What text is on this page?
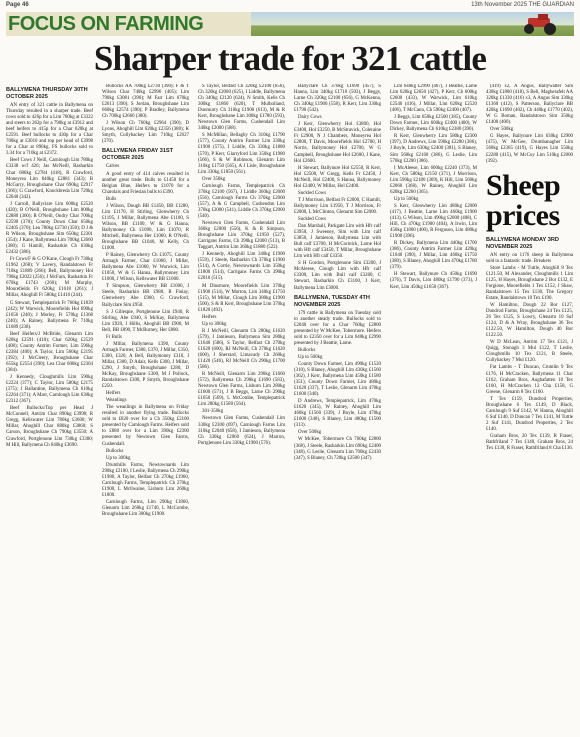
Page 46	13th November 2025 THE GUARDIAN
FOCUS ON FARMING
Sharper trade for 321 cattle
BALLYMENA THURSDAY 30TH OCTOBER 2025

AN entry of 321 cattle in Ballymena on Thursday resulted in a sharper trade. Beef cows sold to 426p for a Lim 780kg at £3322 and steers to 262p for a 790kg at £3912 and beef heifers to 415p for a Char 620kg at £2591. Beef bullocks to 430p for a Char 700kg at £3010 and top per head of £3998 for a Char at 890kg. FS bullocks sold to 3.34 for a 710kg at £2372.

Beef Cows J Neill, Carnlough Lim 780kg £3338 w/f 426; Jas McNeill, Rasharkin Char 688kg £2784 (418), R Crawford, Moneyrea Lim 840kg £2881 (343); B McGarry, Broughshane Char 690kg £2917 (366); G Crawford, Knockbreda Lim 720kg £2640 (342).

J Carroll, Ballyclare Lim 600kg £2520 (420); B O'Neill, Broughshane Lim 800kg £2880 (360); R O'Neill, Ondry Char 700kg £2590 (370); County Down Char 650kg £2405 (370); Lea 780kg £2730 (350); D J & R Wilson, Broughshane Sim 650kg £2301 (354); J Kane, Ballymena Lim 700kg £2660 (380); G Hamill, Rasharkin Ch 630kg £2432 (386).

Fr Cows/F & G O'Kane, Clough Fr 730kg £1962 (268); V Lavery, Randalstown Fr 710kg £1889 (266); Bell, Ballymoney Hol 790kg £2022 (256); J McFarn, Rasharkin Fr 670kg £1743 (260); M Murphy, Moorefields Fr 620kg £1618 (261); J Millar, Ahoghill Fr 580kg £1416 (244).

G Stewart, Templepatrick Fr 760kg £1839 (242); W Warwick, Moorefields Hol 690kg £1656 (240); J Morley, Fr 570kg £1368 (240); A Rainey, Ballymena Fr 710kg £1689 (238).

Beef Heifers/J McBride, Glenarm Lim 620kg £2591 (418); Char 620kg £2529 (408); County Antrim Farmer, Lim 596kg £2384 (400); A Taylor, Lim 560kg £2195 (392); J McCleery, Broughshane Char 655kg £2554 (390); Lea Char 600kg £2304 (384).

J Kennedy, Cloughmills Lim 590kg £2224 (377); C Taylor, Lim 580kg £2175 (375); J Ballantine, Ballymena Ch 610kg £2264 (371); A Marr, Carnlough Lim 630kg £2312 (367).

Beef Bullocks/Top per Head J McConnell, Antrim Char 890kg £3998; R Gregg, Kellswater Lim 780kg £3600; W Millar, Ahoghill Char 880kg £3860; S Carson, Broughshane Ch 790kg £3550; A Crawford, Portglenone Lim 730kg £3380; M Hill, Ballymena Ch 840kg £3690.

Bullocks AA 700kg £2730 (390); F & T Wilson Char 740kg £2996 (405); Lim 790kg £3081 (390); M Farr Lim 670kg £2613 (390); S Jordan, Broughshane Lim 660kg £2574 (390); P Bradley, Ballymena Ch 700kg £2660 (380).

J Wilson Ch 760kg £2964 (390); D Lyons, Ahoghill Lim 620kg £2356 (380); K Smyth, Cullybackey Lim 710kg £2627 (370).

BALLYMENA FRIDAY 31ST OCTOBER 2025

Calves

A good entry of 414 calves resulted in another great trade. Bulls to £1450 for a Belgian Blue, Heifers to £1070 for a Charolais and Friesian bulls to £390.

Bulls

J Wilson, Dough BB £1450, BB £1280, Lim £1170, H Stirling, Glenwherry Ch £1195, J Millar, Ballymena Abe £1100, S Wilson, BB £1100, W & G Hanna, Ballymoney Ch £1090, Lim £1070, R Mitchell, Ballymena Her £1060, R O'Neill, Broughshane BB £1040, M Kelly, Ch £1000.

P Rainey, Glenwherry Ch £1075, County Armagh Farmer, Char £1060, J Millar, Ballymena Abe £1060, W Warwick, Lim £1050, W & G Hanna, Ballymoney Lim £1000, J Wilson, Kellswater BB £1000.

T Simpson, Glenwherry BB £1000, J Steele, Rasharkin BB £980, R Finlay, Glenwherry Abe £960, G Crawford, Ballyclare Sim £950.

S J Gillespie, Portglenone Lim £940, R Stirling, Abe £940, S McKay, Ballymena Lim £920, J Hillis, Ahoghill BB £900, M Bell, BB £890, T McBurney, Her £880.

Fr Bulls

J Millar, Ballymena £390, County Armagh Farmer, £380, £370, J Millar, £350, £300, £320, A Bell, Ballymoney £310, J Millar, £300, D Adair, Kells £300, J Millar, £290, J Smyth, Broughshane £280, D McKay, Broughshane £300, M J Pollock, Randalstown £300, P Smyth, Broughshane £250.

Heifers

Weanlings

The weanlings in Ballymena on Friday resulted in another flying trade. Bullocks sold to £820 over for a Ch 350kg £2100 presented by Carnlough Farms. Heifers sold to £880 over for a Lim 390kg £2300 presented by Newtown Glen Farms, Cushendall.

Bullocks

Up to 300kg

Drumhills Farms, Newtownards Lim 290kg £2100, I Leslie, Ballymena Ch 290kg £1980, A Taylor, Belfast Ch 270kg £1960, Carnlough Farms, Templepatrick Ch 270kg £1900, L Mcllwaine, Lisburn Lim 260kg £1800.

Carnlough Farms, Lim 290kg £1860, Glenarm Lim 260kg £1740, L McCombe, Broughshane Lim 300kg £1900.

S Taylor, Belfast Ch 320kg £2100 (656), Ch 320kg £2000 (625), I Liddle, Ballymena Ch 340kg £2120 (624), N Smith, Kells Ch 300kg £1860 (620), T Mulholland, Dunmurry Ch 310kg £1900 (613), M & R Kerr, Broughshane Lim 300kg £1780 (593), Newtown Glen Farms, Cushendall Lim 340kg £2000 (588).

S McMillan, Bellaghy Ch 310kg £1790 (577), County Antrim Farmer Lim 330kg £1900 (575), I Liddle, Ch 330kg £1880 (570), P Kerr, Glarryford Lim 350kg £1980 (566), S & W Robinson, Glenarm Lim 310kg £1750 (565), A J Lisle, Broughshane Lim 330kg £1850 (561).

Over 350kg

Carnlough Farms, Templepatrick Ch 370kg £2100 (567), J Liddle 360kg £2000 (556), Carnlough Farms Ch 370kg £2060 (557), A & G Campbell, Cushendun Lim 370kg £2000 (541), Liddle Ch 370kg £2000 (540).

Newtown Glen Farms, Cushendall Lim 360kg £2000 (556), K & R Simpson, Broughshane Lim 370kg £1950 (527), Carrigans Farms, Ch 390kg £2000 (513), B Taggart, Antrim Lim 360kg £1880 (522).

J Kennedy, Ahoghill Lim 340kg £1900 (559), J Steele, Rasharkin Ch 370kg £1900 (514), A Corrie, Newtownards Lim 350kg £1800 (514), Carrigans Farms Ch 390kg £2010 (515).

M Dinsmore, Moorefields Lim 370kg £1900 (514), W Morton, Lim 340kg £1750 (515), M Millar, Clough Lim 380kg £1900 (500), S & R Kerr, Broughshane Lim 370kg £1820 (492).

Heifers

Up to 300kg

R J McNeill, Glenarm Ch 280kg £1620 (579), I Jamieson, Ballymena Sim 280kg £1640 (586), S Taylor, Belfast Ch 270kg £1620 (600), RJ McNeill, Ch 270kg £1620 (600), J Sherrard, Limavady Ch 260kg £1420 (546), RJ McNeill Ch 290kg £1700 (586).

R McNeill, Glenarm Lim 290kg £1660 (572), Ballymena Ch 290kg £1690 (583), Newtown Glen Farms, Lisburn Lim 280kg £1600 (571), J B Beggs, Larne Ch 290kg £1650 (569), L McCombe, Templepatrick Lim 280kg £1580 (564).

301-350kg

Newtown Glen Farms, Cushendall Lim 330kg £2300 (697), Carnlough Farms Lim 310kg £2040 (658), I Jamieson, Ballymena Ch 330kg £2060 (624), J Marron, Portglenone Lim 330kg £1900 (576).

Ballyclare Ch 370kg £1690 (457), S Hanna, Lim 340kg £1710 (503), J Beggs, Larne Ch 320kg £2100 (656), G McKenna, Ch 340kg £1900 (558), R Kerr, Lim 330kg £1790 (542).

Dairy Cows

J Kerr, Glenwherry Hol £3800, Hol £3400, Hol £3250, B McStravick, Coleraine Fr £2900, N J Chambers, Moneyrea Hol £2800, T Davis, Moorefields Hol £2700, H Norris, Ballymoney Hol £2700, W G Campbell, Broughshane Hol £2600, J Kane, Hol £2600.

H Stewart, Ballynure Hol £2550, R Kerr, Hol £2500, W Gregg, Kells Fr £2450, J McNeill, Hol £2400, S Hanna, Ballymoney Hol £2400, W Millar, Hol £2400.

Suckled Cows

T J Morrison, Belfast Fr £2000, C Hamill, Ballymoney Lim £1950, T J Morrison, Fr £2000, L McClinton, Glenarm Sim £2000.

Suckled Cows

Dan Marshall, Parkgate Lim with Hfr calf £3950, J Sweeney, Sim with Lim calf £3850, J Jamieson, Ballymena Lim with Bull calf £3700, H McCormick, Larne Hol with Hfr calf £3450, T Millar, Broughshane Lim with Hfr calf £3350.

S H Gordon, Portglenone Sim £3200, J McAleese, Clough Lim with Hfr calf £3300, Lim with Bull calf £3200, C Stewart, Rasharkin Ch £3100, J Kerr, Ballymena Lim £3000.

BALLYMENA, TUESDAY 4TH NOVEMBER 2025

179 cattle in Ballymena on Tuesday sold to another steady trade. Bullocks sold to £2040 over for a Char 760kg £2800 presented by W McKee, Tobermore. Heifers sold to £2350 over for a Lim 640kg £2990 presented by J Beattie, Larne.

Bullocks

Up to 500kg

County Down Farmer, Lim 490kg £1520 (310), S Blaney, Ahoghill Lim 430kg £1560 (362), J Kerr, Ballymena Lim 450kg £1580 (351), County Down Farmer, Lim 480kg £1620 (337), T Leslie, Glenarm Lim 470kg £1600 (340).

D Andrews, Templepatrick, Lim 470kg £1620 (345), W Rainey, Ahoghill Lim 460kg £1560 (339), J Boyle, Lim 470kg £1600 (340), S Blaney, Lim 480kg £1500 (313).

Over 500kg

W McKee, Tobermore Ch 760kg £2800 (368), J Steele, Rasharkin Lim 690kg £2400 (348), G Leslie, Glenarm Lim 700kg £2430 (347), S Blaney, Ch 720kg £2500 (347).

Lim 640kg £2990 (467), J Beattie, Larne Lim 620kg £2650 (427), P Kerr, Ch 600kg £2600 (433), W Warwick, Lim 610kg £2540 (416), J Millar, Lim 620kg £2520 (406), T McCann, Ch 590kg £2400 (407).

J Beggs, Lim 650kg £2500 (385), County Down Farmer, Lim 600kg £2400 (400), W Dickey, Ballymena Ch 610kg £2380 (390).

R Kerr, Glenwherry Lim 580kg £2300 (397), D Andrews, Lim 590kg £2280 (386), J Boyle, Lim 630kg £2400 (381), S Blaney, Sim 560kg £2160 (386), G Leslie, Lim 570kg £2200 (386).

I McAleese, Lim 600kg £2240 (373), M Kerr, Ch 580kg £2150 (371), J Morrison, Lim 590kg £2180 (369), K Hill, Lim 560kg £2060 (368), W Rainey, Ahoghill Lim 620kg £2260 (365).

Up to 500kg

S Kerr, Glenwherry Lim 480kg £2000 (417), J Beattie, Larne Lim 460kg £1900 (413), G Wilson, Lim 490kg £2000 (408), C Hill, Ch 470kg £1900 (404), A Irwin, Lim 450kg £1800 (400), R Ferguson, Lim 480kg £1900 (396).

R Dickey, Ballymena Lim 440kg £1700 (386), County Antrim Farmer Lim 420kg £1640 (390), J Millar, Lim 460kg £1750 (380), S Blaney, Ahoghill Lim 470kg £1780 (379).

H Stewart, Ballynure Ch 450kg £1690 (376), T Davis, Lim 480kg £1790 (373), J Kerr, Lim 450kg £1650 (367).

(419) x2, A Angus, Ballywalter Sim 430kg £1800 (418), S Bell, Magherafelt AA 320kg £1330 (416) x3, A Angus Sim 330kg £1360 (412), S Patterson, Ballyclare BB 420kg £1690 (402), Ch 440kg £1770 (402), W G Boman, Randalstown Sim 350kg £1400 (400).

Over 500kg

G Hayes, Ballynure Lim 630kg £2900 (475), W McGee, Drumbanagher Lim 560kg £2365 (419), G Hayes Lim 550kg £2280 (415), W McCoy Lim 510kg £2000 (392).

Sheep prices
BALLYMENA MONDAY 3RD NOVEMBER 2025

AN entry on 1176 sheep in Ballymena sold to a fantastic trade. Breakers

Store Lambs - M Tuttle, Ahoghill 8 Tex £121.50, M Alexander, Cloughmills 1 Lim £125, H Hayes, Broughshane 2 Bor £132, E Forgione, Moorefields 1 Tex £152, J Shaw, Randalstown 15 Tex £130, The Gregory Estate, Randalstown 10 Tex £190.

W Hamilton, Dough 22 Bor £127, Dundrod Farms, Broughshane 24 Tex £125, 26 Tex £125, S Lowry, Glenarm 10 Suf £124, D & A Wray, Broughshane 36 Tex £122.50, W Hamilton, Dough 40 Bor £122.50.

W D McLean, Antrim 17 Tex £121, J Quigg, Stonagh 3 Mul £122, T Leslie, Cloughmills 10 Tex £121, B Steele, Cullybackey 7 Mul £120.

Fat Lambs - T Duncan, Crumlin 9 Tex £176, H McCracken, Ballymena 11 Char £162, Graham Bros, Aughafatten 10 Tex £160, H McCracken 12 Cha £158, G Greene, Glenarm 8 Tex £160.

T Tex £159, Dundrod Properties, Broughshane 6 Tex £149, D Black, Carnlough 9 Suf £142, W Hanna, Ahoghill 6 Suf £140, D Duncan 7 Tex £141, M Tuttle 2 Suf £141, Dundrod Properties, 2 Tex £140.

Graham Bros, 20 Tex £139, R Fraser, Rathfriland 7 Tex £140, Graham Bros, 24 Tex £138, R Fraser, Rathfriland 8 Cha £136.
